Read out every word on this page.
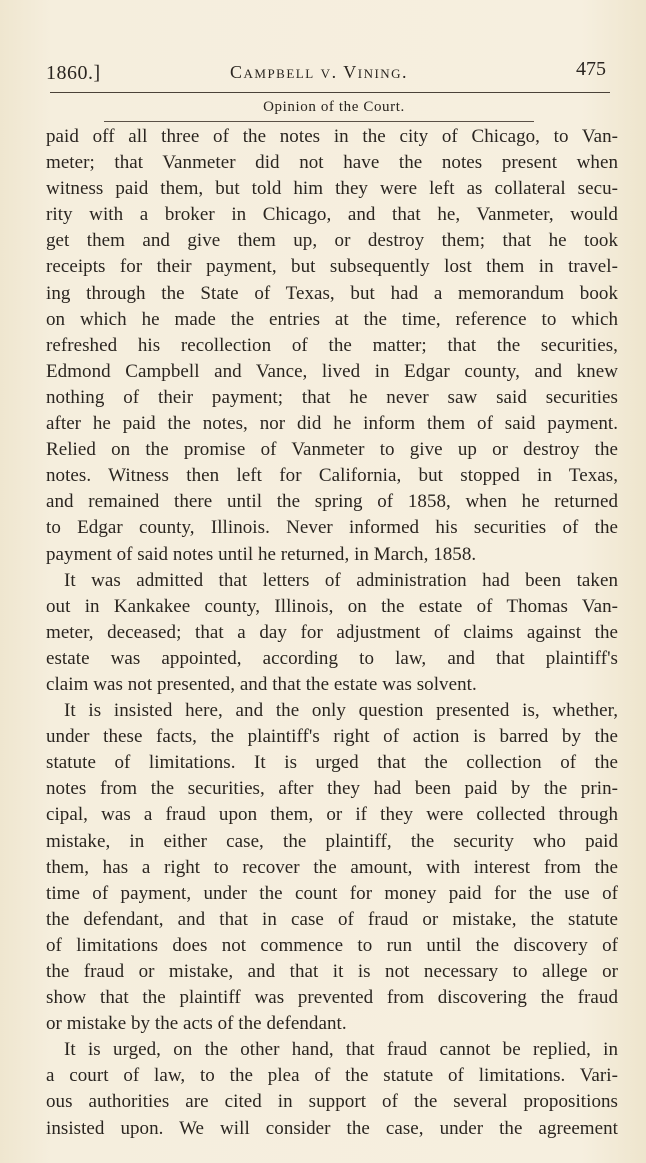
1860.]	Campbell v. Vining.	475
Opinion of the Court.
paid off all three of the notes in the city of Chicago, to Van-
meter; that Vanmeter did not have the notes present when
witness paid them, but told him they were left as collateral secu-
rity with a broker in Chicago, and that he, Vanmeter, would
get them and give them up, or destroy them; that he took
receipts for their payment, but subsequently lost them in travel-
ing through the State of Texas, but had a memorandum book
on which he made the entries at the time, reference to which
refreshed his recollection of the matter; that the securities,
Edmond Campbell and Vance, lived in Edgar county, and knew
nothing of their payment; that he never saw said securities
after he paid the notes, nor did he inform them of said payment.
Relied on the promise of Vanmeter to give up or destroy the
notes. Witness then left for California, but stopped in Texas,
and remained there until the spring of 1858, when he returned
to Edgar county, Illinois. Never informed his securities of the
payment of said notes until he returned, in March, 1858.
It was admitted that letters of administration had been taken
out in Kankakee county, Illinois, on the estate of Thomas Van-
meter, deceased; that a day for adjustment of claims against the
estate was appointed, according to law, and that plaintiff's
claim was not presented, and that the estate was solvent.
It is insisted here, and the only question presented is, whether,
under these facts, the plaintiff's right of action is barred by the
statute of limitations. It is urged that the collection of the
notes from the securities, after they had been paid by the prin-
cipal, was a fraud upon them, or if they were collected through
mistake, in either case, the plaintiff, the security who paid
them, has a right to recover the amount, with interest from the
time of payment, under the count for money paid for the use of
the defendant, and that in case of fraud or mistake, the statute
of limitations does not commence to run until the discovery of
the fraud or mistake, and that it is not necessary to allege or
show that the plaintiff was prevented from discovering the fraud
or mistake by the acts of the defendant.
It is urged, on the other hand, that fraud cannot be replied, in
a court of law, to the plea of the statute of limitations. Vari-
ous authorities are cited in support of the several propositions
insisted upon. We will consider the case, under the agreement
